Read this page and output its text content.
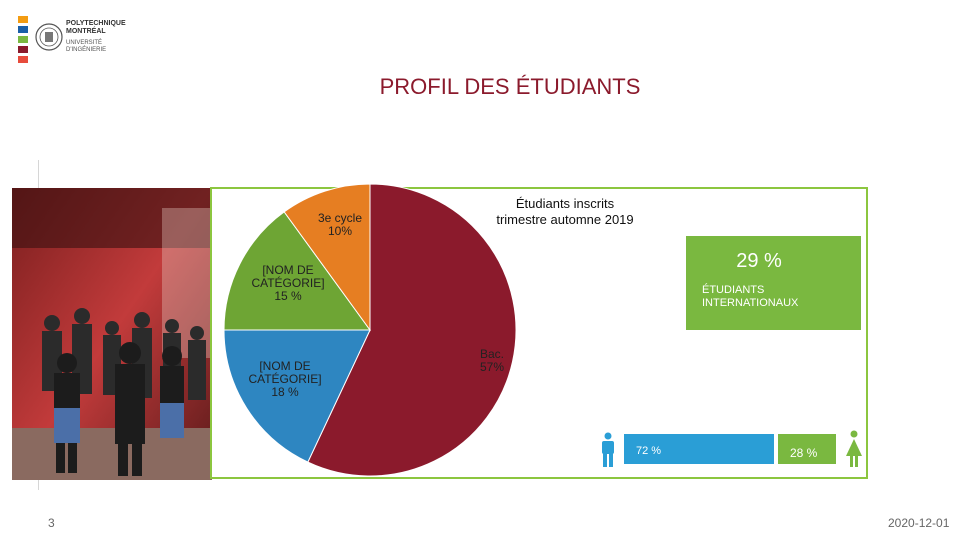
POLYTECHNIQUE
MONTRÉAL
UNIVERSITÉ
D'INGÉNIERIE
PROFIL DES ÉTUDIANTS
3e cycle
10%
[NOM DE CATÉGORIE]
15 %
[NOM DE CATÉGORIE]
18 %
Bac.
57%
Étudiants inscrits
trimestre automne 2019
29 %
ÉTUDIANTS
INTERNATIONAUX
72 %	28 %
3	2020-12-01
